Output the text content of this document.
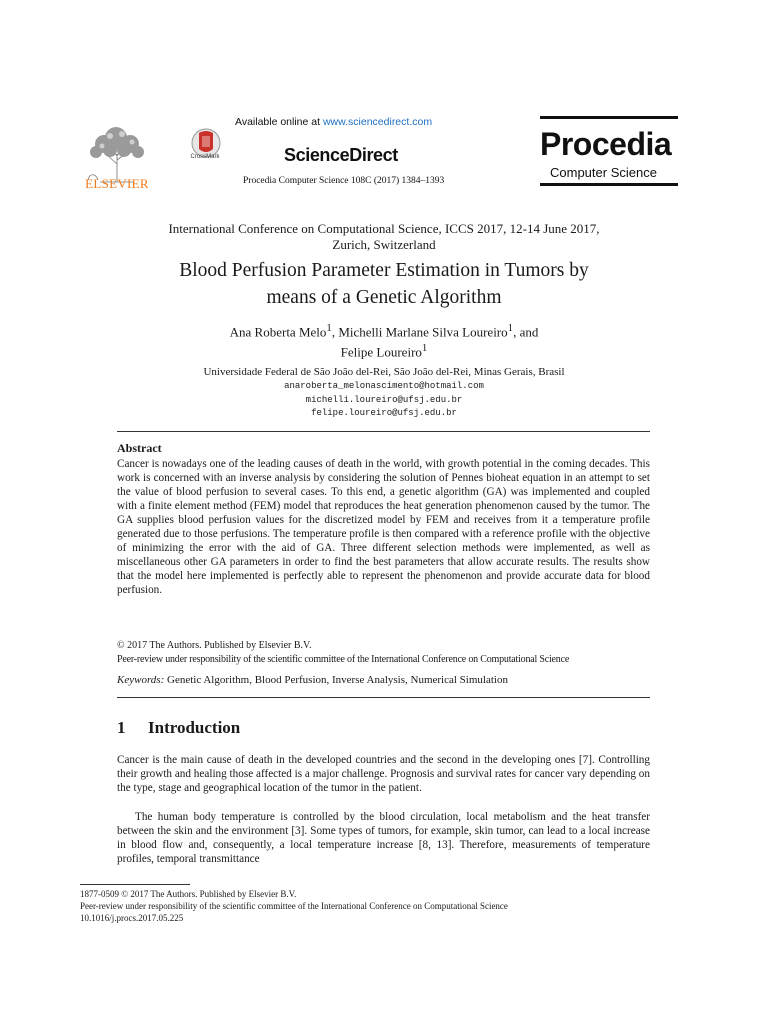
ELSEVIER
CrossMark
Available online at www.sciencedirect.com
ScienceDirect
Procedia Computer Science 108C (2017) 1384–1393
Procedia
Computer Science
International Conference on Computational Science, ICCS 2017, 12-14 June 2017,
Zurich, Switzerland
Blood Perfusion Parameter Estimation in Tumors by
means of a Genetic Algorithm
Ana Roberta Melo$^1$, Michelli Marlane Silva Loureiro$^1$, and
Felipe Loureiro$^1$
Universidade Federal de São João del-Rei, São João del-Rei, Minas Gerais, Brasil
anaroberta_melonascimento@hotmail.com
michelli.loureiro@ufsj.edu.br
felipe.loureiro@ufsj.edu.br
Abstract
Cancer is nowadays one of the leading causes of death in the world, with growth potential in the coming decades. This work is concerned with an inverse analysis by considering the solution of Pennes bioheat equation in an attempt to set the value of blood perfusion to several cases. To this end, a genetic algorithm (GA) was implemented and coupled with a finite element method (FEM) model that reproduces the heat generation phenomenon caused by the tumor. The GA supplies blood perfusion values for the discretized model by FEM and receives from it a temperature profile generated due to those perfusions. The temperature profile is then compared with a reference profile with the objective of minimizing the error with the aid of GA. Three different selection methods were implemented, as well as miscellaneous other GA parameters in order to find the best parameters that allow accurate results. The results show that the model here implemented is perfectly able to represent the phenomenon and provide accurate data for blood perfusion.
© 2017 The Authors. Published by Elsevier B.V.
Peer-review under responsibility of the scientific committee of the International Conference on Computational Science
Keywords: Genetic Algorithm, Blood Perfusion, Inverse Analysis, Numerical Simulation
1 Introduction
Cancer is the main cause of death in the developed countries and the second in the developing ones [7]. Controlling their growth and healing those affected is a major challenge. Prognosis and survival rates for cancer vary depending on the type, stage and geographical location of the tumor in the patient.
The human body temperature is controlled by the blood circulation, local metabolism and the heat transfer between the skin and the environment [3]. Some types of tumors, for example, skin tumor, can lead to a local increase in blood flow and, consequently, a local temperature increase [8, 13]. Therefore, measurements of temperature profiles, temporal transmittance
1877-0509 © 2017 The Authors. Published by Elsevier B.V.
Peer-review under responsibility of the scientific committee of the International Conference on Computational Science
10.1016/j.procs.2017.05.225
